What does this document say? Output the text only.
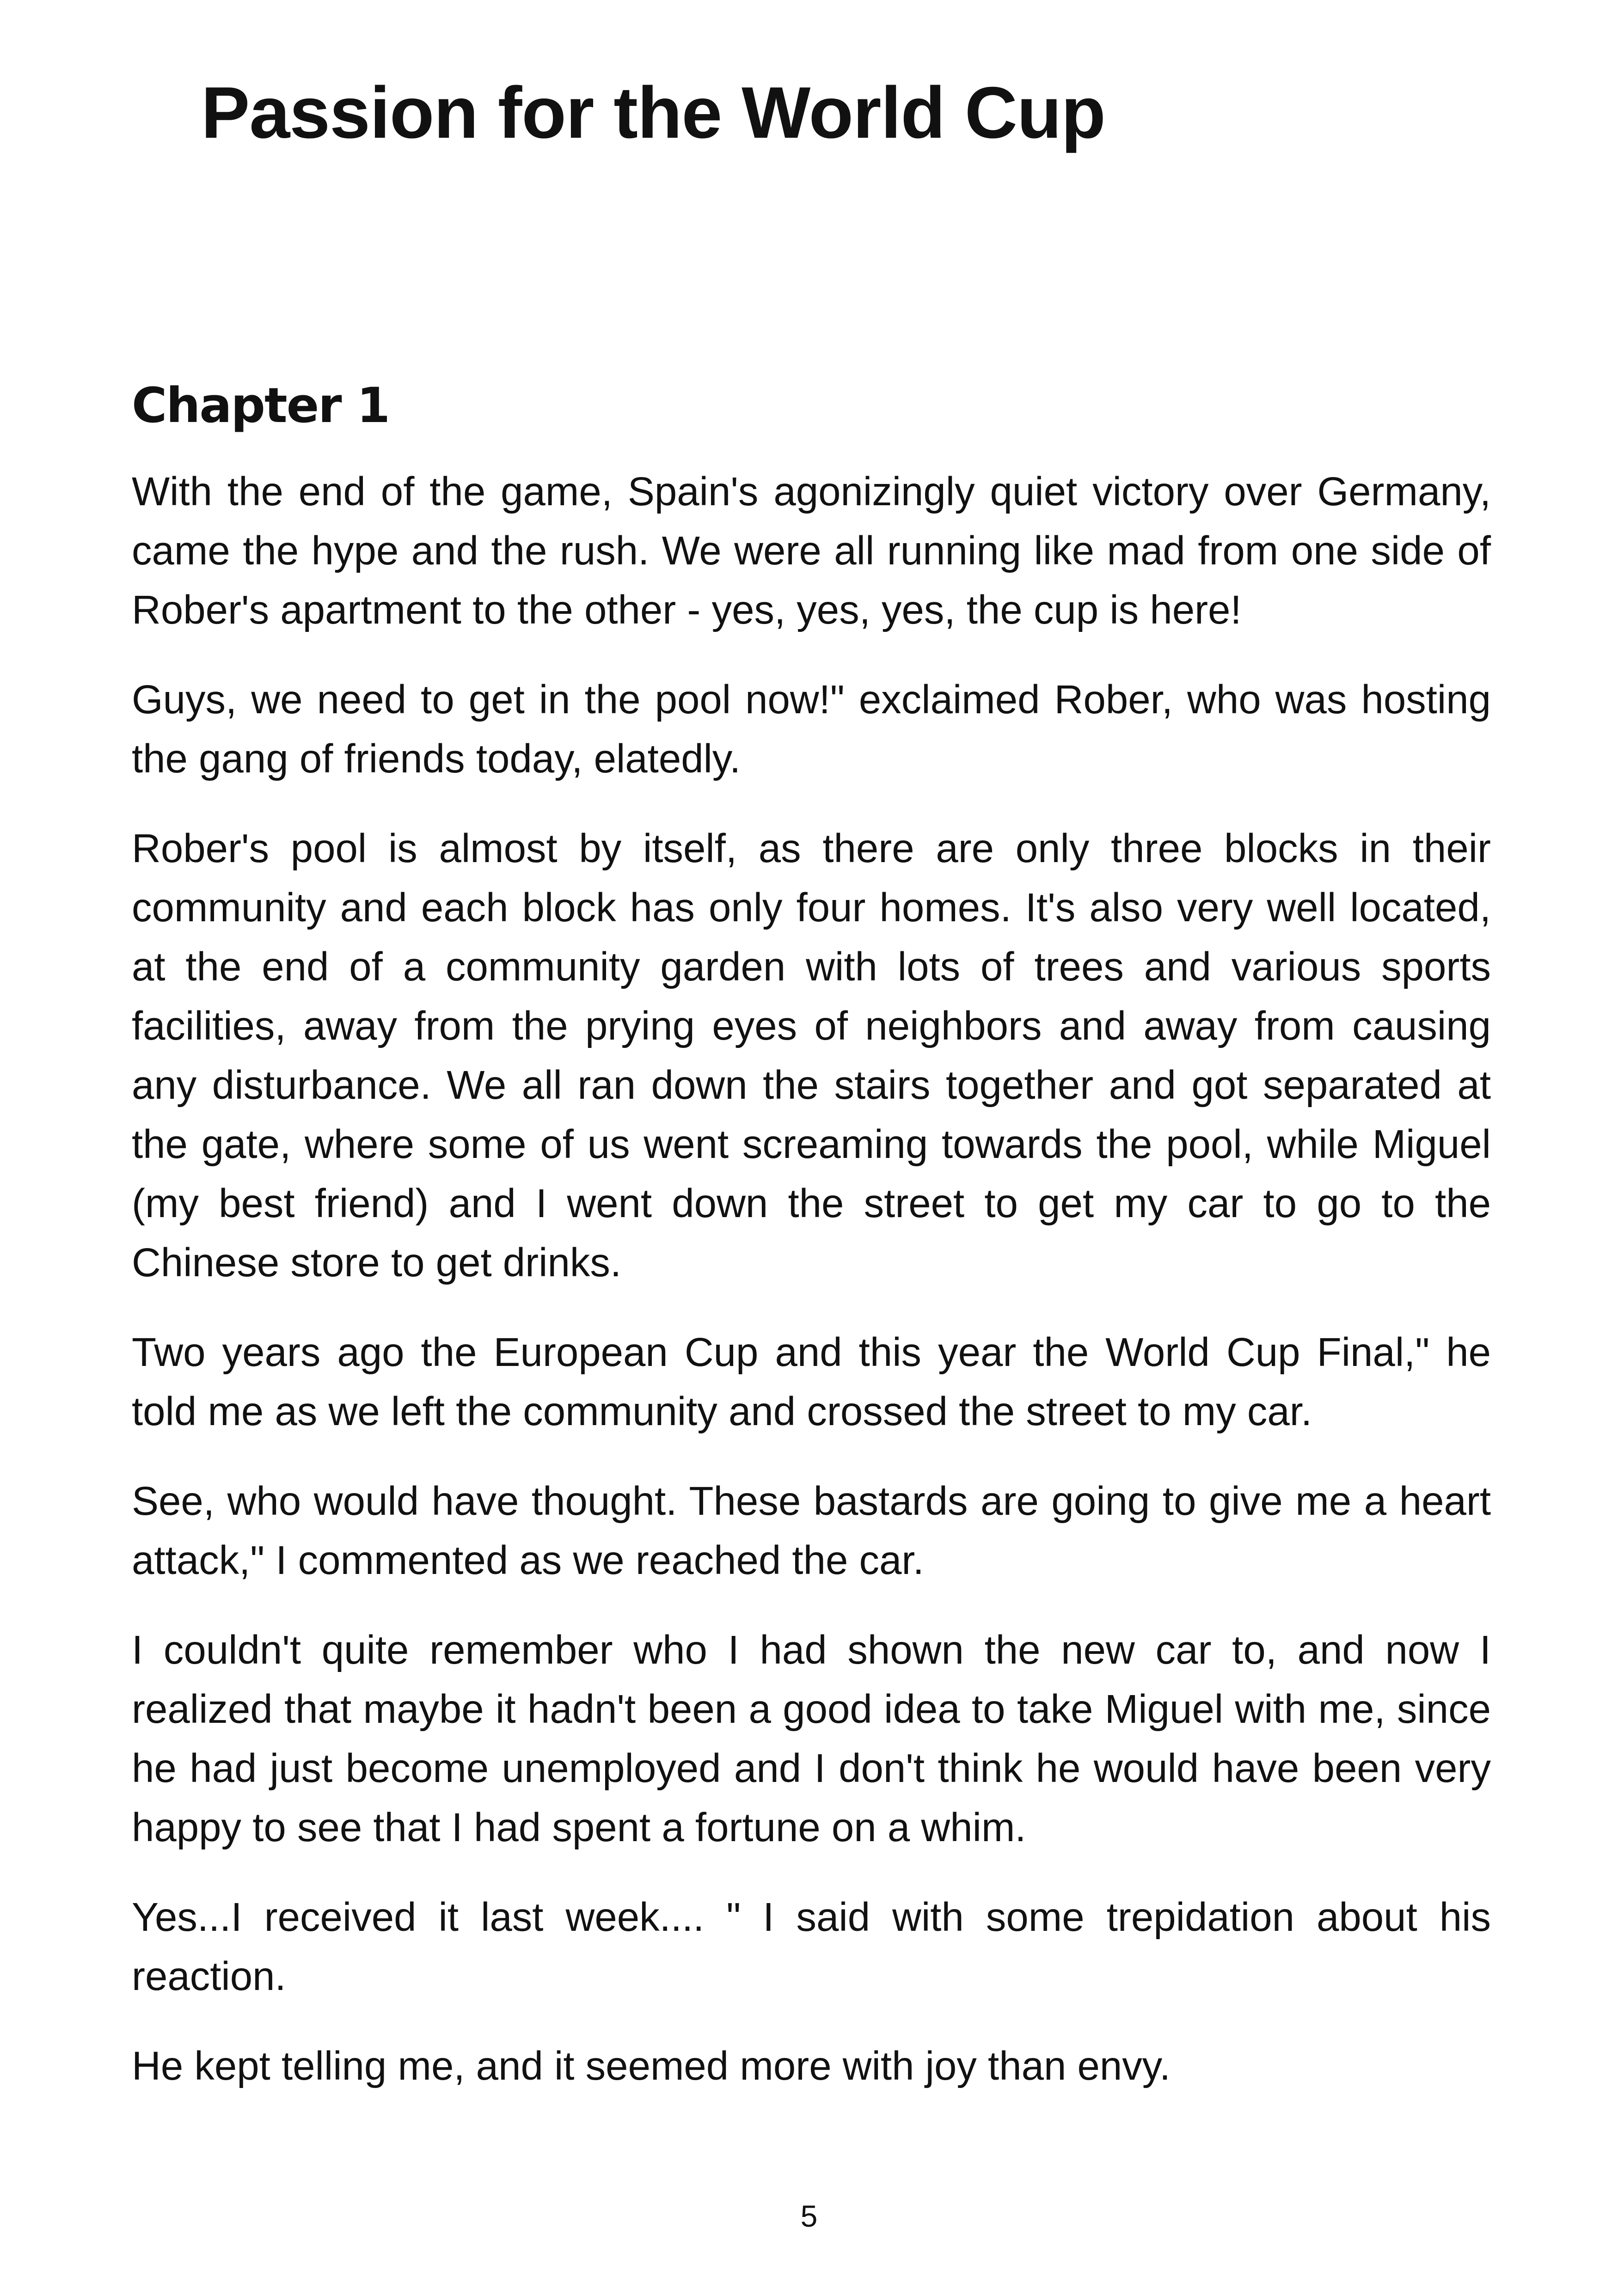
Passion for the World Cup
Chapter 1

With the end of the game, Spain's agonizingly quiet victory over Germany, came the hype and the rush. We were all running like mad from one side of Rober's apartment to the other - yes, yes, yes, the cup is here!

Guys, we need to get in the pool now!" exclaimed Rober, who was hosting the gang of friends today, elatedly.

Rober's pool is almost by itself, as there are only three blocks in their community and each block has only four homes. It's also very well located, at the end of a community garden with lots of trees and various sports facilities, away from the prying eyes of neighbors and away from causing any disturbance. We all ran down the stairs together and got separated at the gate, where some of us went screaming towards the pool, while Miguel (my best friend) and I went down the street to get my car to go to the Chinese store to get drinks.

Two years ago the European Cup and this year the World Cup Final," he told me as we left the community and crossed the street to my car.

See, who would have thought. These bastards are going to give me a heart attack," I commented as we reached the car.

I couldn't quite remember who I had shown the new car to, and now I realized that maybe it hadn't been a good idea to take Miguel with me, since he had just become unemployed and I don't think he would have been very happy to see that I had spent a fortune on a whim.

Yes...I received it last week.... " I said with some trepidation about his reaction.

He kept telling me, and it seemed more with joy than envy.

5
